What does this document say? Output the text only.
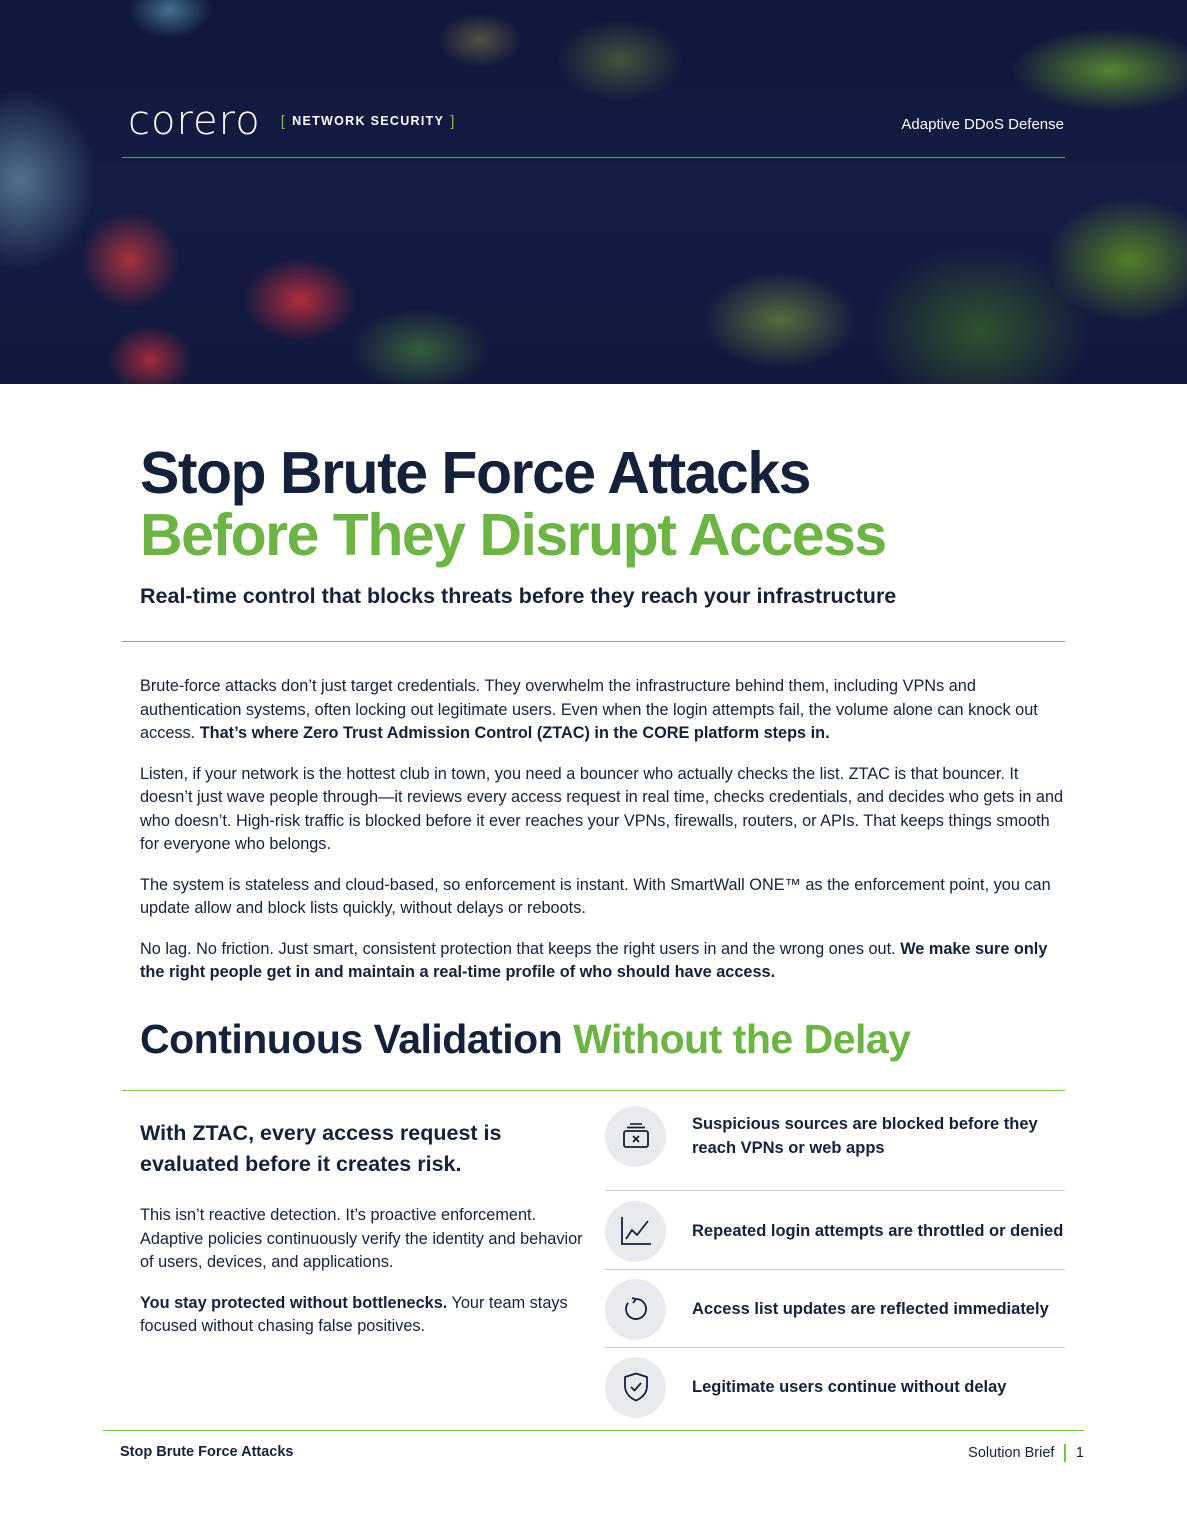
corero [ NETWORK SECURITY ]	Adaptive DDoS Defense
Stop Brute Force Attacks
Before They Disrupt Access

Real-time control that blocks threats before they reach your infrastructure

Brute-force attacks don’t just target credentials. They overwhelm the infrastructure behind them, including VPNs and authentication systems, often locking out legitimate users. Even when the login attempts fail, the volume alone can knock out access. That’s where Zero Trust Admission Control (ZTAC) in the CORE platform steps in.

Listen, if your network is the hottest club in town, you need a bouncer who actually checks the list. ZTAC is that bouncer. It doesn’t just wave people through—it reviews every access request in real time, checks credentials, and decides who gets in and who doesn’t. High-risk traffic is blocked before it ever reaches your VPNs, firewalls, routers, or APIs. That keeps things smooth for everyone who belongs.

The system is stateless and cloud-based, so enforcement is instant. With SmartWall ONE™ as the enforcement point, you can update allow and block lists quickly, without delays or reboots.

No lag. No friction. Just smart, consistent protection that keeps the right users in and the wrong ones out. We make sure only the right people get in and maintain a real-time profile of who should have access.

Continuous Validation Without the Delay

With ZTAC, every access request is evaluated before it creates risk.

This isn’t reactive detection. It’s proactive enforcement. Adaptive policies continuously verify the identity and behavior of users, devices, and applications.

You stay protected without bottlenecks. Your team stays focused without chasing false positives.

Suspicious sources are blocked before they reach VPNs or web apps
Repeated login attempts are throttled or denied
Access list updates are reflected immediately
Legitimate users continue without delay
Stop Brute Force Attacks	Solution Brief 1
